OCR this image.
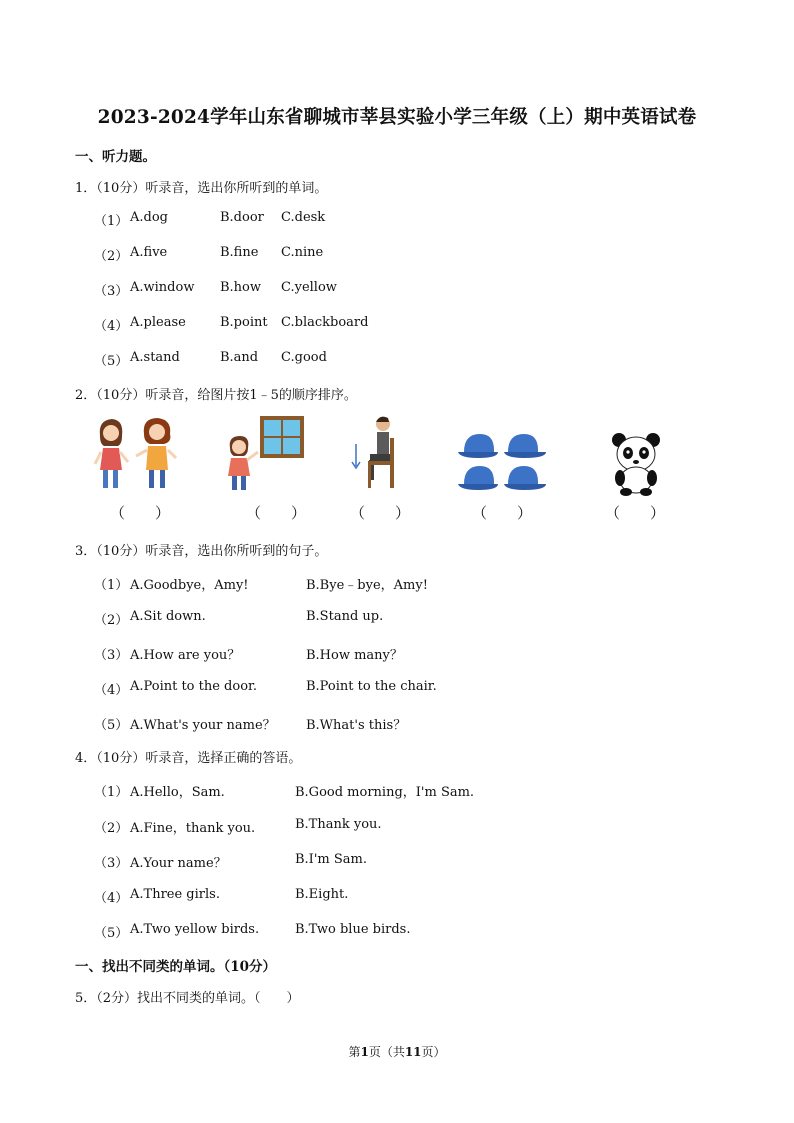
2023-2024学年山东省聊城市莘县实验小学三年级（上）期中英语试卷
一、听力题。
1．（10分）听录音，选出你所听到的单词。
（1） A.dog	B.door C.desk
（2） A.five	B.fine C.nine
（3） A.window B.how C.yellow
（4） A.please	B.point C.blackboard
（5） A.stand	B.and C.good
2．（10分）听录音，给图片按1﹣5的顺序排序。
（　　）	（　　）	（　　）	（　　）	（　　）
3．（10分）听录音，选出你所听到的句子。
（1） A.Goodbye，Amy!	B.Bye﹣bye，Amy!
（2） A.Sit down.	B.Stand up.
（3） A.How are you？	B.How many？
（4） A.Point to the door.	B.Point to the chair.
（5） A.What's your name？ B.What's this？
4．（10分）听录音，选择正确的答语。
（1） A.Hello，Sam.	B.Good morning，I'm Sam.
（2） A.Fine，thank you.	B.Thank you.
（3） A.Your name？	B.I'm Sam.
（4） A.Three girls.	B.Eight.
（5） A.Two yellow birds.	B.Two blue birds.
一、找出不同类的单词。（10分）
5．（2分）找出不同类的单词。（　　）
第1页（共11页）
